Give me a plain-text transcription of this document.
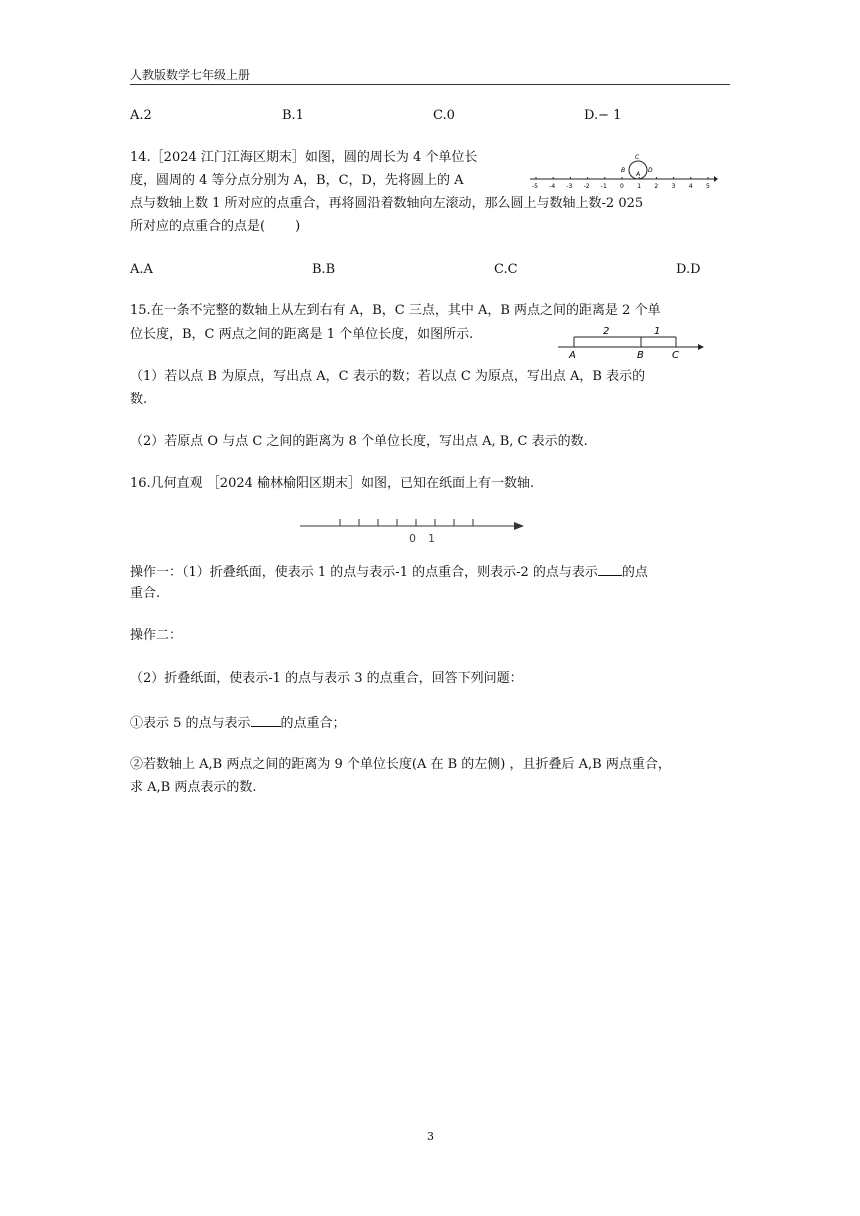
人教版数学七年级上册
A.2	B.1	C.0	D.− 1
14.［2024 江门江海区期末］如图，圆的周长为 4 个单位长
度，圆周的 4 等分点分别为 A，B，C，D，先将圆上的 A
点与数轴上数 1 所对应的点重合，再将圆沿着数轴向左滚动，那么圆上与数轴上数-2 025
所对应的点重合的点是( )
-5 -4 -3 -2 -1 0 1 2 3 4 5
C
B	D
A
A.A	B.B	C.C	D.D
15.在一条不完整的数轴上从左到右有 A，B，C 三点，其中 A，B 两点之间的距离是 2 个单
位长度，B，C 两点之间的距离是 1 个单位长度，如图所示.	2	1
A	B	C
（1）若以点 B 为原点，写出点 A，C 表示的数；若以点 C 为原点，写出点 A，B 表示的
数.
（2）若原点 O 与点 C 之间的距离为 8 个单位长度，写出点 A, B, C 表示的数.
16.几何直观 ［2024 榆林榆阳区期末］如图，已知在纸面上有一数轴.
0 1
操作一：（1）折叠纸面，使表示 1 的点与表示-1 的点重合，则表示-2 的点与表示 的点
重合.
操作二：
（2）折叠纸面，使表示-1 的点与表示 3 的点重合，回答下列问题：
①表示 5 的点与表示 的点重合；
②若数轴上 A,B 两点之间的距离为 9 个单位长度(A 在 B 的左侧) ，且折叠后 A,B 两点重合，
求 A,B 两点表示的数.
3
